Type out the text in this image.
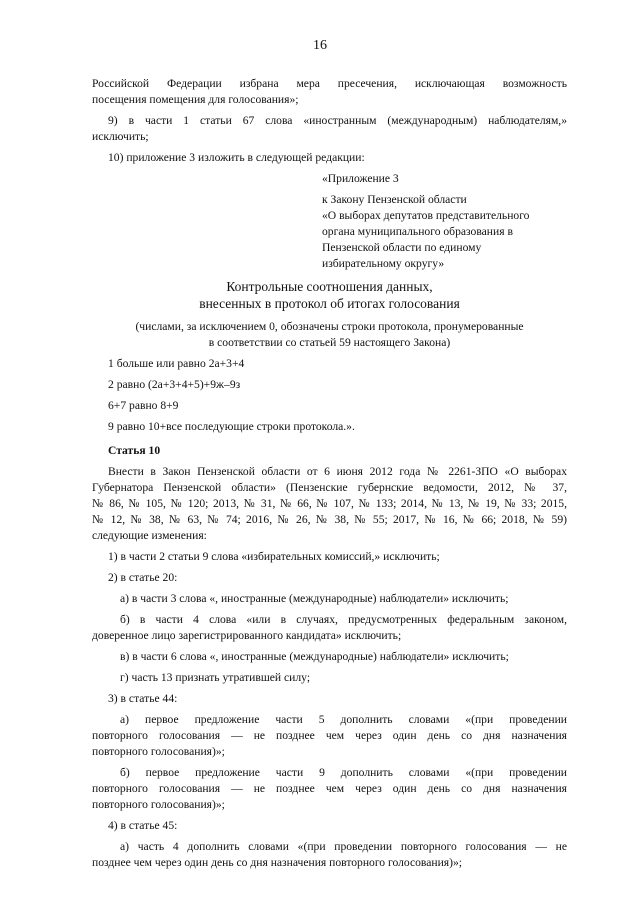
16
Российской Федерации избрана мера пресечения, исключающая возможность
посещения помещения для голосования»;
9) в части 1 статьи 67 слова «иностранным (международным) наблюдателям,»
исключить;
10) приложение 3 изложить в следующей редакции:
«Приложение 3
к Закону Пензенской области
«О выборах депутатов представительного
органа муниципального образования в
Пензенской области по единому
избирательному округу»
Контрольные соотношения данных,
внесенных в протокол об итогах голосования
(числами, за исключением 0, обозначены строки протокола, пронумерованные
в соответствии со статьей 59 настоящего Закона)
1 больше или равно 2а+3+4
2 равно (2а+3+4+5)+9ж–9з
6+7 равно 8+9
9 равно 10+все последующие строки протокола.».
Статья 10
Внести в Закон Пензенской области от 6 июня 2012 года № 2261-ЗПО «О выборах
Губернатора Пензенской области» (Пензенские губернские ведомости, 2012, № 37,
№ 86, № 105, № 120; 2013, № 31, № 66, № 107, № 133; 2014, № 13, № 19, № 33; 2015,
№ 12, № 38, № 63, № 74; 2016, № 26, № 38, № 55; 2017, № 16, № 66; 2018, № 59)
следующие изменения:
1) в части 2 статьи 9 слова «избирательных комиссий,» исключить;
2) в статье 20:
а) в части 3 слова «, иностранные (международные) наблюдатели» исключить;
б) в части 4 слова «или в случаях, предусмотренных федеральным законом,
доверенное лицо зарегистрированного кандидата» исключить;
в) в части 6 слова «, иностранные (международные) наблюдатели» исключить;
г) часть 13 признать утратившей силу;
3) в статье 44:
а) первое предложение части 5 дополнить словами «(при проведении
повторного голосования — не позднее чем через один день со дня назначения
повторного голосования)»;
б) первое предложение части 9 дополнить словами «(при проведении
повторного голосования — не позднее чем через один день со дня назначения
повторного голосования)»;
4) в статье 45:
а) часть 4 дополнить словами «(при проведении повторного голосования — не
позднее чем через один день со дня назначения повторного голосования)»;
